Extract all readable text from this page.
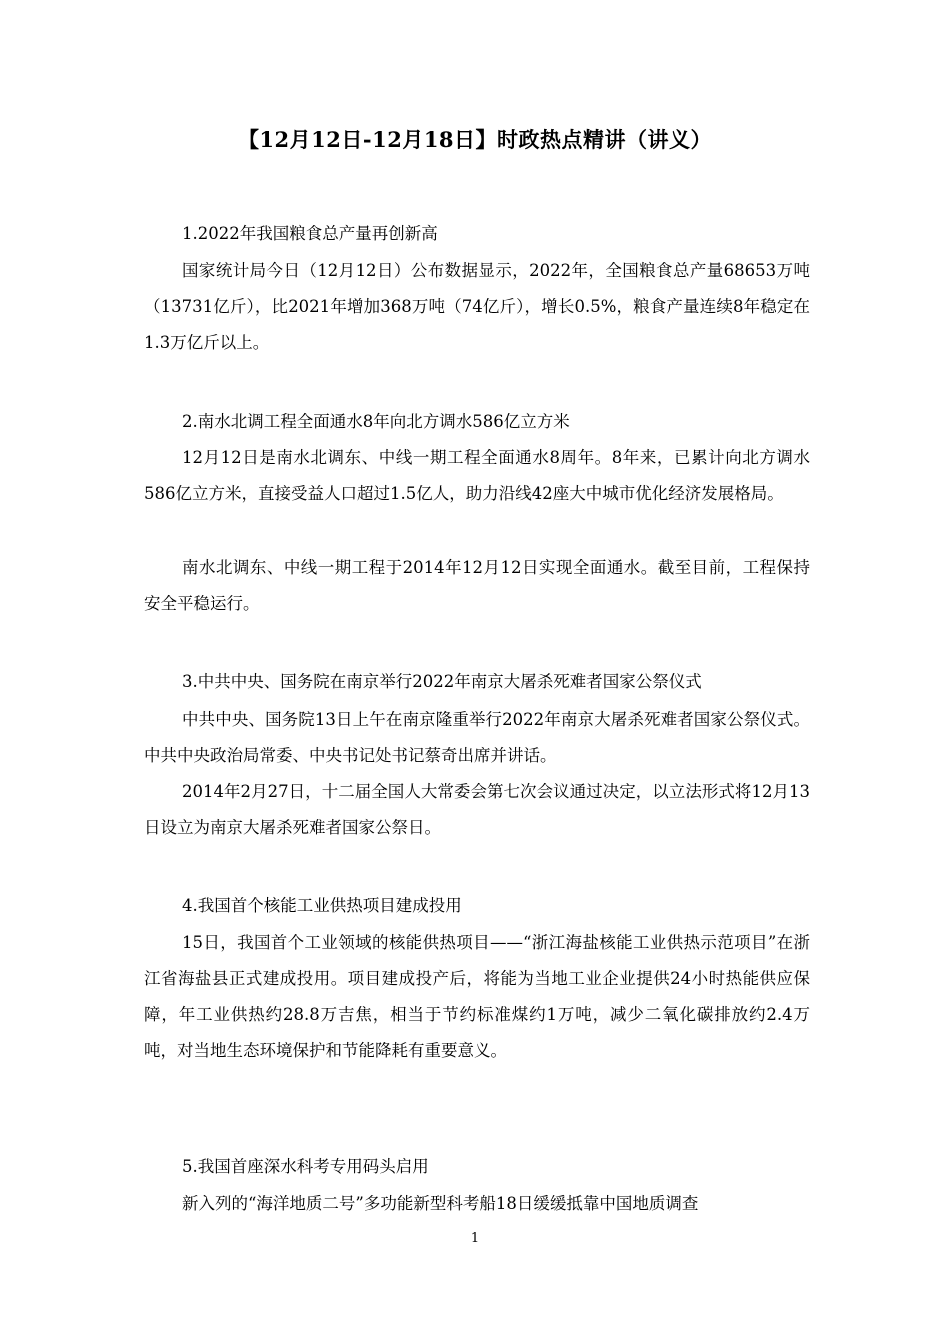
【12月12日-12月18日】时政热点精讲（讲义）
1.2022年我国粮食总产量再创新高
国家统计局今日（12月12日）公布数据显示，2022年，全国粮食总产量68653万吨（13731亿斤），比2021年增加368万吨（74亿斤），增长0.5%，粮食产量连续8年稳定在1.3万亿斤以上。
2.南水北调工程全面通水8年向北方调水586亿立方米
12月12日是南水北调东、中线一期工程全面通水8周年。8年来，已累计向北方调水586亿立方米，直接受益人口超过1.5亿人，助力沿线42座大中城市优化经济发展格局。
南水北调东、中线一期工程于2014年12月12日实现全面通水。截至目前，工程保持安全平稳运行。
3.中共中央、国务院在南京举行2022年南京大屠杀死难者国家公祭仪式
中共中央、国务院13日上午在南京隆重举行2022年南京大屠杀死难者国家公祭仪式。中共中央政治局常委、中央书记处书记蔡奇出席并讲话。
2014年2月27日，十二届全国人大常委会第七次会议通过决定，以立法形式将12月13日设立为南京大屠杀死难者国家公祭日。
4.我国首个核能工业供热项目建成投用
15日，我国首个工业领域的核能供热项目——“浙江海盐核能工业供热示范项目”在浙江省海盐县正式建成投用。项目建成投产后，将能为当地工业企业提供24小时热能供应保障，年工业供热约28.8万吉焦，相当于节约标准煤约1万吨，减少二氧化碳排放约2.4万吨，对当地生态环境保护和节能降耗有重要意义。
5.我国首座深水科考专用码头启用
新入列的“海洋地质二号”多功能新型科考船18日缓缓抵靠中国地质调查
1
